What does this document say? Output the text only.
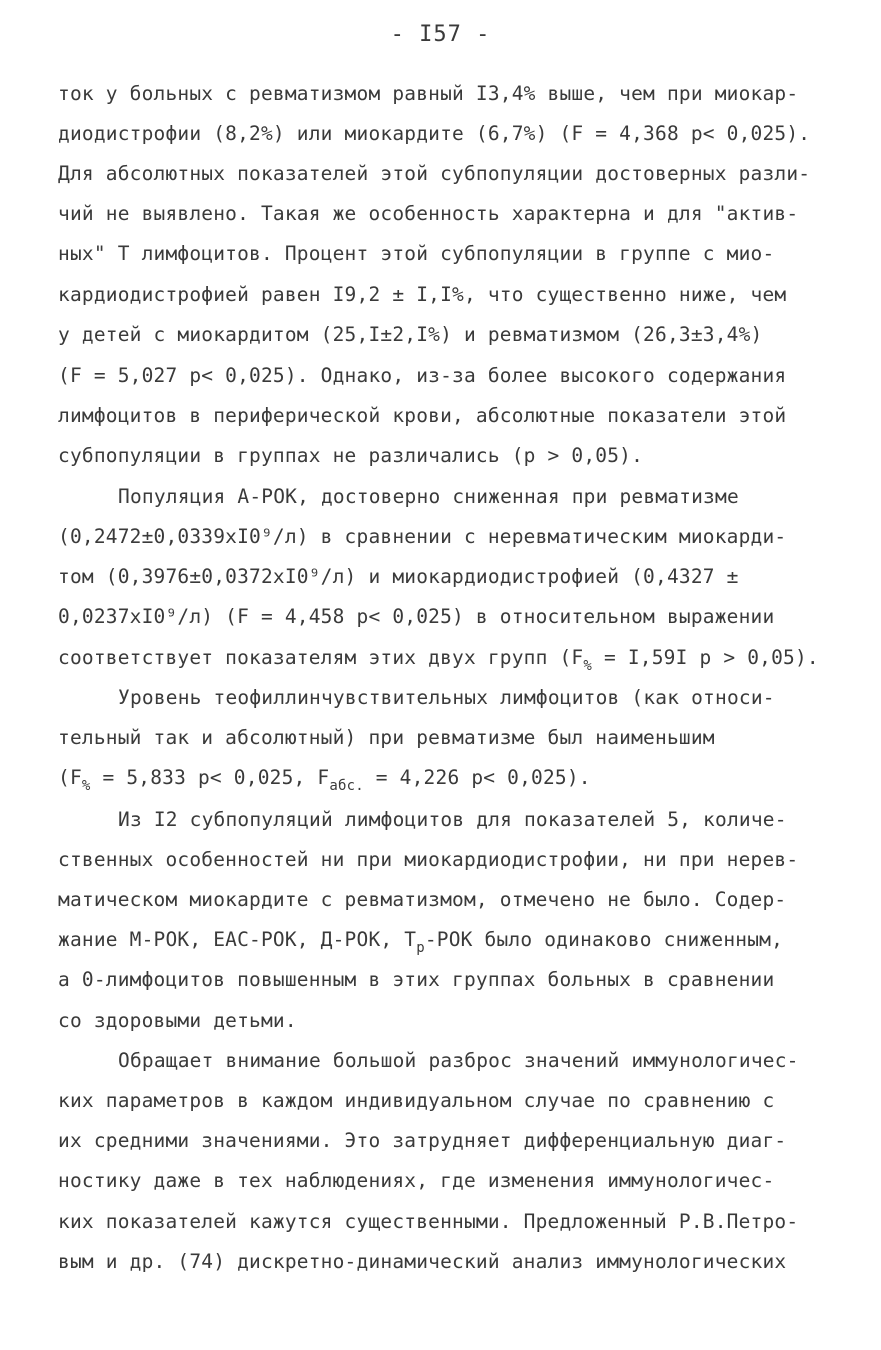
- I57 -
ток у больных с ревматизмом равный I3,4% выше, чем при миокар-
диодистрофии (8,2%) или миокардите (6,7%) (F = 4,368 p< 0,025).
Для абсолютных показателей этой субпопуляции достоверных разли-
чий не выявлено. Такая же особенность характерна и для "актив-
ных" Т лимфоцитов. Процент этой субпопуляции в группе с мио-
кардиодистрофией равен I9,2 ± I,I%, что существенно ниже, чем
у детей с миокардитом (25,I±2,I%) и ревматизмом (26,3±3,4%)
(F = 5,027 p< 0,025). Однако, из-за более высокого содержания
лимфоцитов в периферической крови, абсолютные показатели этой
субпопуляции в группах не различались (p > 0,05).
Популяция А-РОК, достоверно сниженная при ревматизме
(0,2472±0,0339xI0⁹/л) в сравнении с неревматическим миокарди-
том (0,3976±0,0372xI0⁹/л) и миокардиодистрофией (0,4327 ±
0,0237xI0⁹/л) (F = 4,458 p< 0,025) в относительном выражении
соответствует показателям этих двух групп ($F_{\%} = I,59I$ p > 0,05).
Уровень теофиллинчувствительных лимфоцитов (как относи-
тельный так и абсолютный) при ревматизме был наименьшим
($F_{\%} = 5,833$ p< 0,025, $F_{абс.} = 4,226$ p< 0,025).
Из I2 субпопуляций лимфоцитов для показателей 5, количе-
ственных особенностей ни при миокардиодистрофии, ни при нерев-
матическом миокардите с ревматизмом, отмечено не было. Содер-
жание М-РОК, ЕАС-РОК, Д-РОК, $Т_р$-РОК было одинаково сниженным,
а 0-лимфоцитов повышенным в этих группах больных в сравнении
со здоровыми детьми.
Обращает внимание большой разброс значений иммунологичес-
ких параметров в каждом индивидуальном случае по сравнению с
их средними значениями. Это затрудняет дифференциальную диаг-
ностику даже в тех наблюдениях, где изменения иммунологичес-
ких показателей кажутся существенными. Предложенный Р.В.Петро-
вым и др. (74) дискретно-динамический анализ иммунологических
